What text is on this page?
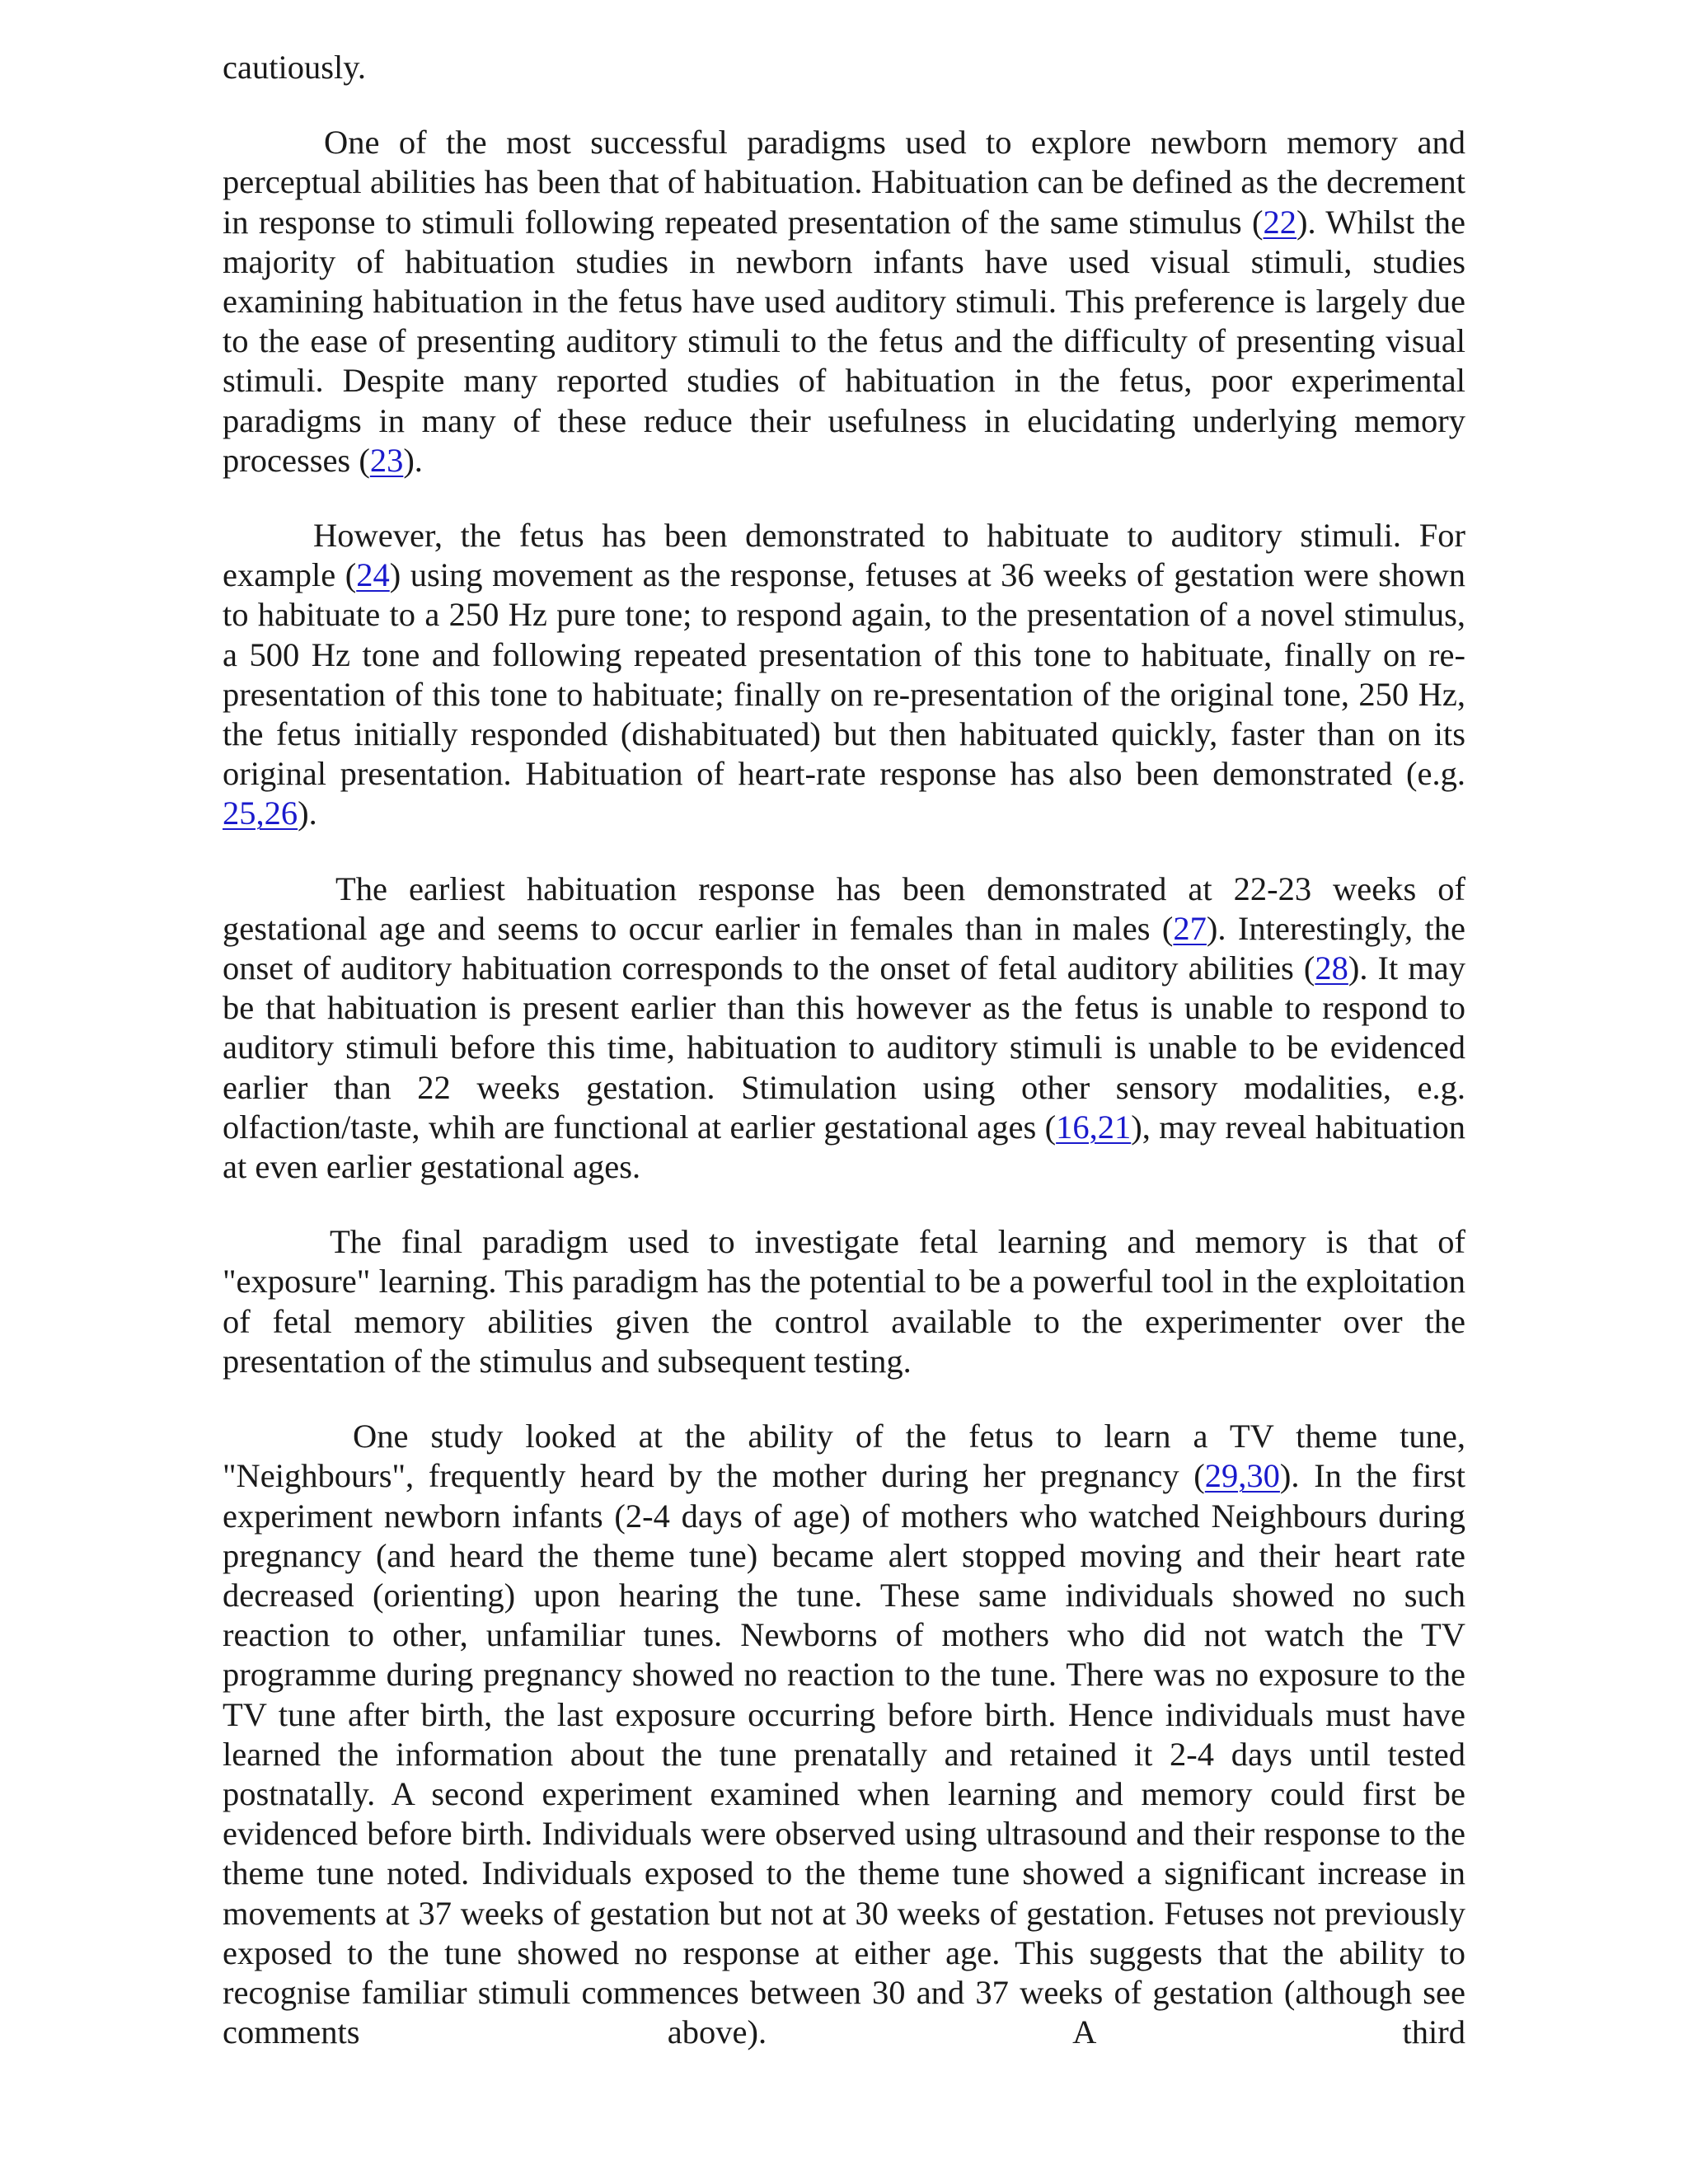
cautiously.

One of the most successful paradigms used to explore newborn memory and perceptual abilities has been that of habituation. Habituation can be defined as the decrement in response to stimuli following repeated presentation of the same stimulus (22). Whilst the majority of habituation studies in newborn infants have used visual stimuli, studies examining habituation in the fetus have used auditory stimuli. This preference is largely due to the ease of presenting auditory stimuli to the fetus and the difficulty of presenting visual stimuli. Despite many reported studies of habituation in the fetus, poor experimental paradigms in many of these reduce their usefulness in elucidating underlying memory processes (23).

However, the fetus has been demonstrated to habituate to auditory stimuli. For example (24) using movement as the response, fetuses at 36 weeks of gestation were shown to habituate to a 250 Hz pure tone; to respond again, to the presentation of a novel stimulus, a 500 Hz tone and following repeated presentation of this tone to habituate, finally on re-presentation of this tone to habituate; finally on re-presentation of the original tone, 250 Hz, the fetus initially responded (dishabituated) but then habituated quickly, faster than on its original presentation. Habituation of heart-rate response has also been demonstrated (e.g. 25,26).

The earliest habituation response has been demonstrated at 22-23 weeks of gestational age and seems to occur earlier in females than in males (27). Interestingly, the onset of auditory habituation corresponds to the onset of fetal auditory abilities (28). It may be that habituation is present earlier than this however as the fetus is unable to respond to auditory stimuli before this time, habituation to auditory stimuli is unable to be evidenced earlier than 22 weeks gestation. Stimulation using other sensory modalities, e.g. olfaction/taste, whih are functional at earlier gestational ages (16,21), may reveal habituation at even earlier gestational ages.

The final paradigm used to investigate fetal learning and memory is that of "exposure" learning. This paradigm has the potential to be a powerful tool in the exploitation of fetal memory abilities given the control available to the experimenter over the presentation of the stimulus and subsequent testing.

One study looked at the ability of the fetus to learn a TV theme tune, "Neighbours", frequently heard by the mother during her pregnancy (29,30). In the first experiment newborn infants (2-4 days of age) of mothers who watched Neighbours during pregnancy (and heard the theme tune) became alert stopped moving and their heart rate decreased (orienting) upon hearing the tune. These same individuals showed no such reaction to other, unfamiliar tunes. Newborns of mothers who did not watch the TV programme during pregnancy showed no reaction to the tune. There was no exposure to the TV tune after birth, the last exposure occurring before birth. Hence individuals must have learned the information about the tune prenatally and retained it 2-4 days until tested postnatally. A second experiment examined when learning and memory could first be evidenced before birth. Individuals were observed using ultrasound and their response to the theme tune noted. Individuals exposed to the theme tune showed a significant increase in movements at 37 weeks of gestation but not at 30 weeks of gestation. Fetuses not previously exposed to the tune showed no response at either age. This suggests that the ability to recognise familiar stimuli commences between 30 and 37 weeks of gestation (although see comments above). A third
